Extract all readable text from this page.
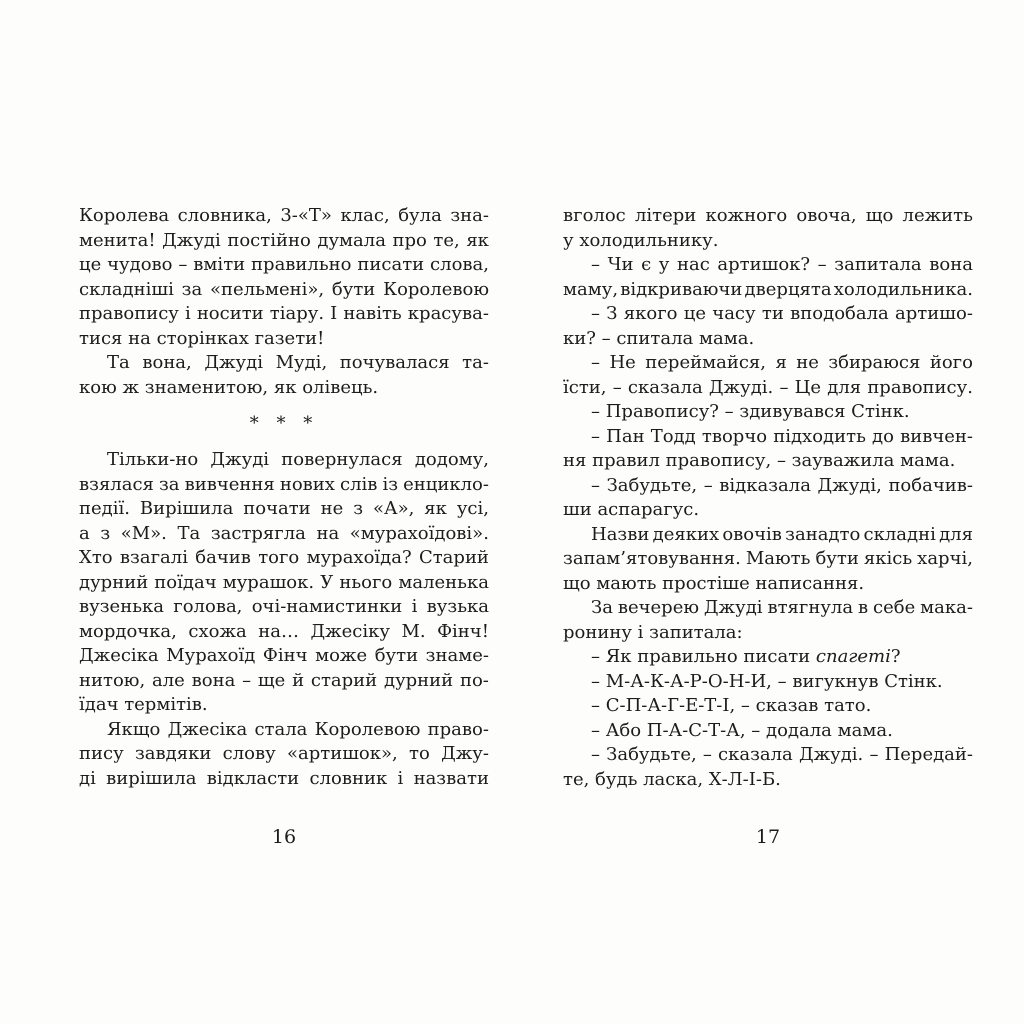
Королева словника, 3-«Т» клас, була зна-
менита! Джуді постійно думала про те, як
це чудово – вміти правильно писати слова,
складніші за «пельмені», бути Королевою
правопису і носити тіару. І навіть красува-
тися на сторінках газети!
Та вона, Джуді Муді, почувалася та-
кою ж знаменитою, як олівець.
* * *
Тільки-но Джуді повернулася додому,
взялася за вивчення нових слів із енцикло-
педії. Вирішила почати не з «А», як усі,
а з «М». Та застрягла на «мурахоїдові».
Хто взагалі бачив того мурахоїда? Старий
дурний поїдач мурашок. У нього маленька
вузенька голова, очі-намистинки і вузька
мордочка, схожа на… Джесіку М. Фінч!
Джесіка Мурахоїд Фінч може бути знаме-
нитою, але вона – ще й старий дурний по-
їдач термітів.
Якщо Джесіка стала Королевою право-
пису завдяки слову «артишок», то Джу-
ді вирішила відкласти словник і назвати
вголос літери кожного овоча, що лежить
у холодильнику.
– Чи є у нас артишок? – запитала вона
маму, відкриваючи дверцята холодильника.
– З якого це часу ти вподобала артишо-
ки? – спитала мама.
– Не переймайся, я не збираюся його
їсти, – сказала Джуді. – Це для правопису.
– Правопису? – здивувався Стінк.
– Пан Тодд творчо підходить до вивчен-
ня правил правопису, – зауважила мама.
– Забудьте, – відказала Джуді, побачив-
ши аспарагус.
Назви деяких овочів занадто складні для
запам’ятовування. Мають бути якісь харчі,
що мають простіше написання.
За вечерею Джуді втягнула в себе мака-
ронину і запитала:
– Як правильно писати спагеті?
– М-А-К-А-Р-О-Н-И, – вигукнув Стінк.
– С-П-А-Г-Е-Т-І, – сказав тато.
– Або П-А-С-Т-А, – додала мама.
– Забудьте, – сказала Джуді. – Передай-
те, будь ласка, Х-Л-І-Б.
16	17
